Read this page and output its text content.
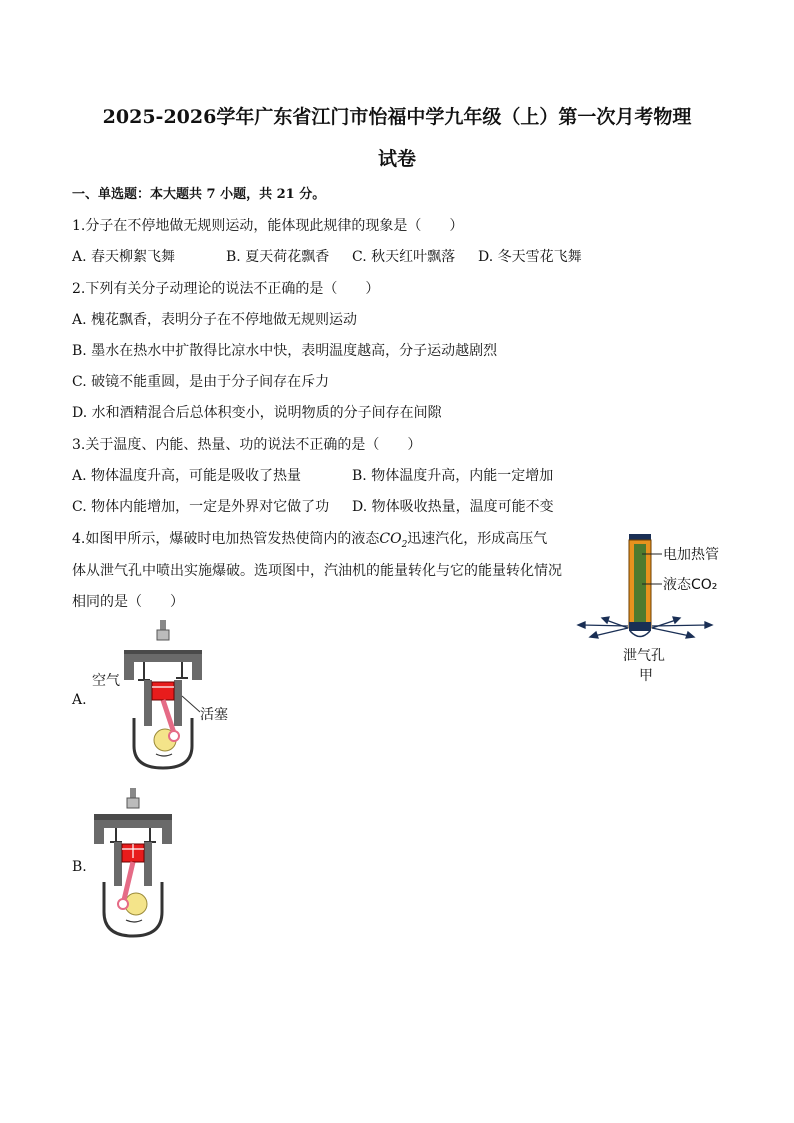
2025-2026学年广东省江门市怡福中学九年级（上）第一次月考物理
试卷
一、单选题：本大题共 7 小题，共 21 分。
1.分子在不停地做无规则运动，能体现此规律的现象是（　　）
A. 春天柳絮飞舞	B. 夏天荷花飘香 C. 秋天红叶飘落 D. 冬天雪花飞舞
2.下列有关分子动理论的说法不正确的是（　　）
A. 槐花飘香，表明分子在不停地做无规则运动
B. 墨水在热水中扩散得比凉水中快，表明温度越高，分子运动越剧烈
C. 破镜不能重圆，是由于分子间存在斥力
D. 水和酒精混合后总体积变小，说明物质的分子间存在间隙
3.关于温度、内能、热量、功的说法不正确的是（　　）
A. 物体温度升高，可能是吸收了热量	B. 物体温度升高，内能一定增加
C. 物体内能增加，一定是外界对它做了功 D. 物体吸收热量，温度可能不变
4.如图甲所示，爆破时电加热管发热使筒内的液态$CO_2$迅速汽化，形成高压气
体从泄气孔中喷出实施爆破。选项图中，汽油机的能量转化与它的能量转化情况
相同的是（　　）
电加热管
液态CO₂
泄气孔
甲
A.
空气
活塞
B.
